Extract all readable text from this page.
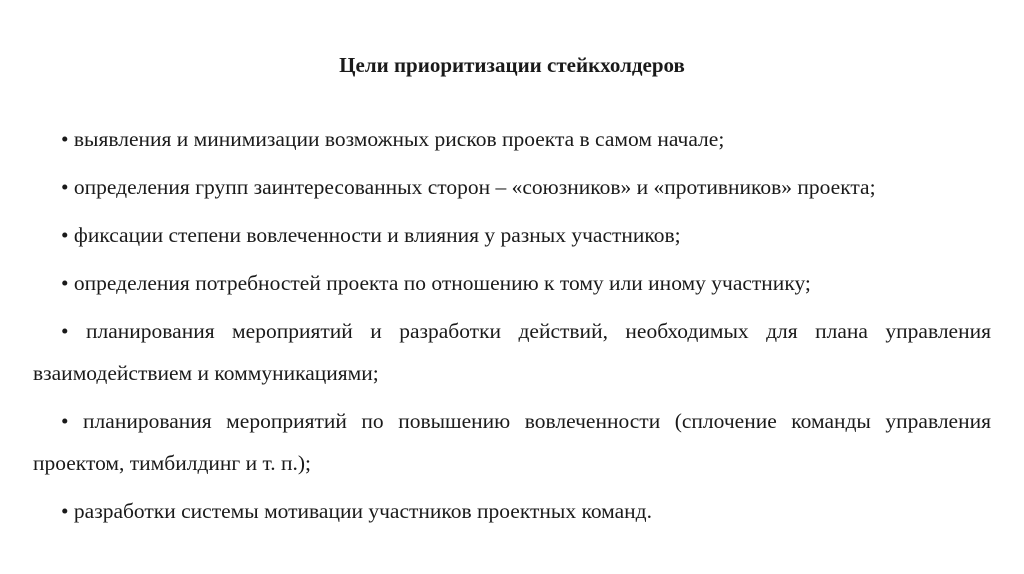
Цели приоритизации стейкхолдеров
• выявления и минимизации возможных рисков проекта в самом начале;
• определения групп заинтересованных сторон – «союзников» и «противников» проекта;
• фиксации степени вовлеченности и влияния у разных участников;
• определения потребностей проекта по отношению к тому или иному участнику;
• планирования мероприятий и разработки действий, необходимых для плана управления взаимодействием и коммуникациями;
• планирования мероприятий по повышению вовлеченности (сплочение команды управления проектом, тимбилдинг и т. п.);
• разработки системы мотивации участников проектных команд.
